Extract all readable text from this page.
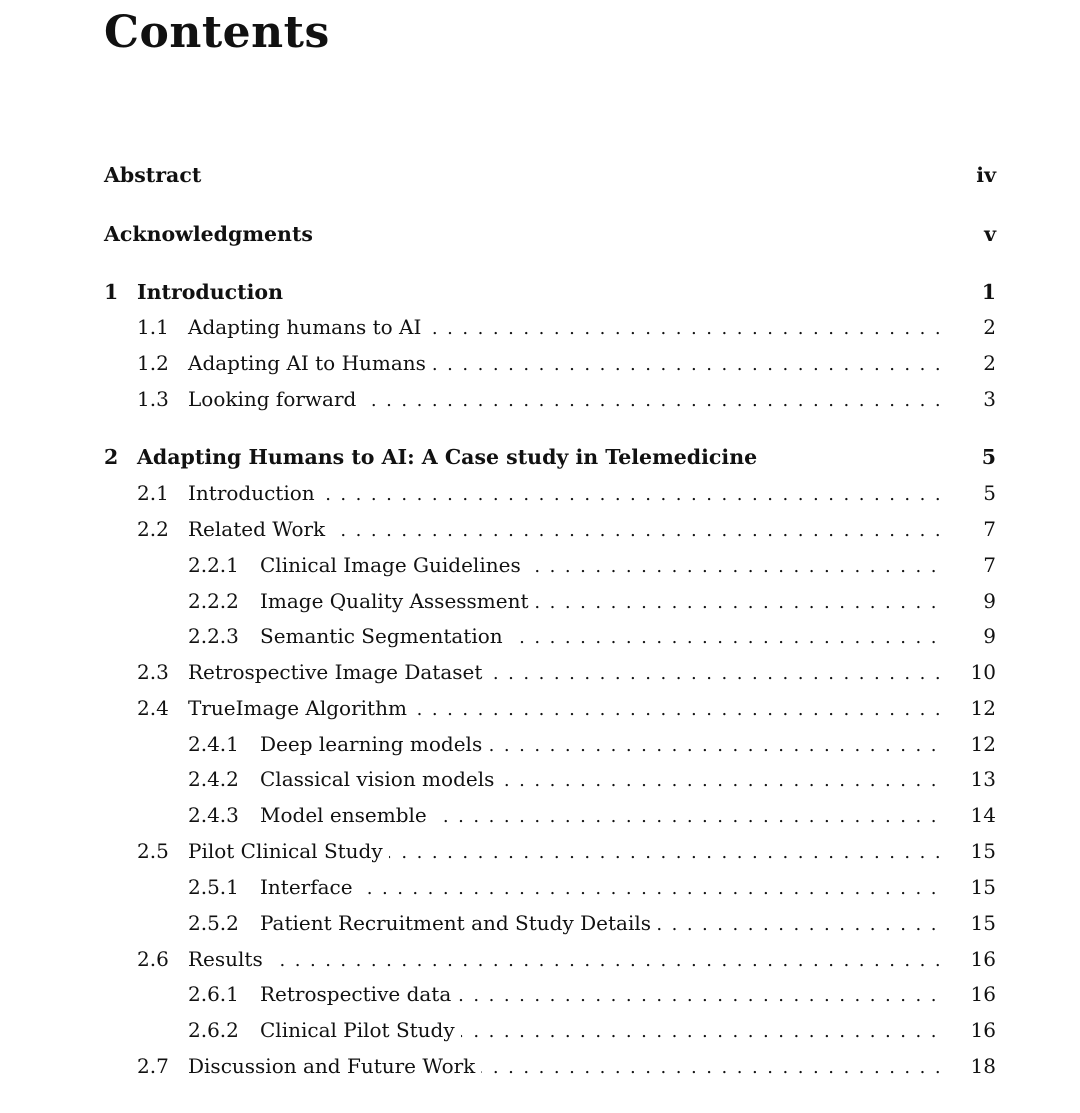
Contents
Abstract	iv
Acknowledgments	v
1 Introduction	1
. . .
1.1 Adapting humans to AI	2
. . .
1.2 Adapting AI to Humans	2
. . .
1.3 Looking forward	3
2 Adapting Humans to AI: A Case study in Telemedicine	5
. . .
2.1 Introduction	5
. . .
2.2 Related Work	7
. . .
2.2.1 Clinical Image Guidelines	7
. . .
2.2.2 Image Quality Assessment	9
. . .
2.2.3 Semantic Segmentation	9
. . .
2.3 Retrospective Image Dataset	10
. . .
2.4 TrueImage Algorithm	12
. . .
2.4.1 Deep learning models	12
. . .
2.4.2 Classical vision models	13
. . .
2.4.3 Model ensemble	14
. . .
2.5 Pilot Clinical Study	15
. . .
2.5.1 Interface	15
. . .
2.5.2 Patient Recruitment and Study Details	15
. . .
2.6 Results	16
. . .
2.6.1 Retrospective data	16
. . .
2.6.2 Clinical Pilot Study	16
. . .
2.7 Discussion and Future Work	18
